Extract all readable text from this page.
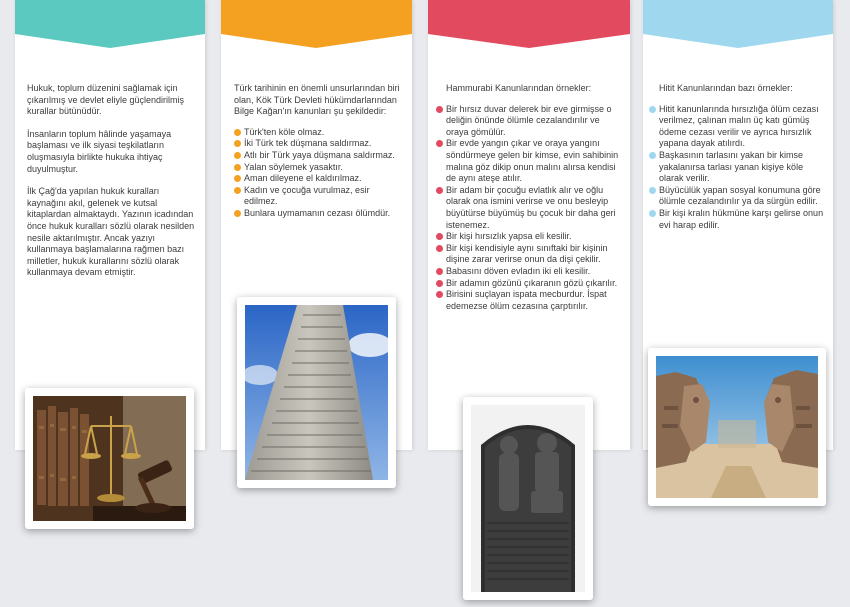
Hukuk, toplum düzenini sağlamak için çıkarılmış ve devlet eliyle güçlendirilmiş kurallar bütünüdür.

İnsanların toplum hâlinde yaşamaya başlaması ve ilk siyasi teşkilatların oluşmasıyla birlikte hukuka ihtiyaç duyulmuştur.

İlk Çağ'da yapılan hukuk kuralları kaynağını akıl, gelenek ve kutsal kitaplardan almaktaydı. Yazının icadından önce hukuk kuralları sözlü olarak nesilden nesile aktarılmıştır. Ancak yazıyı kullanmaya başlamalarına rağmen bazı milletler, hukuk kurallarını sözlü olarak kullanmaya devam etmiştir.

Türk tarihinin en önemli unsurlarından biri olan, Kök Türk Devleti hükümdarlarından Bilge Kağan'ın kanunları şu şekildedir:
Türk'ten köle olmaz.
İki Türk tek düşmana saldırmaz.
Atlı bir Türk yaya düşmana saldırmaz.
Yalan söylemek yasaktır.
Aman dileyene el kaldırılmaz.
Kadın ve çocuğa vurulmaz, esir edilmez.
Bunlara uymamanın cezası ölümdür.
Hammurabi Kanunlarından örnekler:
Bir hırsız duvar delerek bir eve girmişse o deliğin önünde ölümle cezalandırılır ve oraya gömülür.
Bir evde yangın çıkar ve oraya yangını söndürmeye gelen bir kimse, evin sahibinin malına göz dikip onun malını alırsa kendisi de aynı ateşe atılır.
Bir adam bir çocuğu evlatlık alır ve oğlu olarak ona ismini verirse ve onu besleyip büyütürse büyümüş bu çocuk bir daha geri istenemez.
Bir kişi hırsızlık yapsa eli kesilir.
Bir kişi kendisiyle aynı sınıftaki bir kişinin dişine zarar verirse onun da dişi çekilir.
Babasını döven evladın iki eli kesilir.
Bir adamın gözünü çıkaranın gözü çıkarılır.
Birisini suçlayan ispata mecburdur. İspat edemezse ölüm cezasına çarptırılır.
Hitit Kanunlarından bazı örnekler:
Hitit kanunlarında hırsızlığa ölüm cezası verilmez, çalınan malın üç katı gümüş ödeme cezası verilir ve ayrıca hırsızlık yapana dayak atılırdı.
Başkasının tarlasını yakan bir kimse yakalanırsa tarlası yanan kişiye köle olarak verilir.
Büyücülük yapan sosyal konumuna göre ölümle cezalandırılır ya da sürgün edilir.
Bir kişi kralın hükmüne karşı gelirse onun evi harap edilir.
